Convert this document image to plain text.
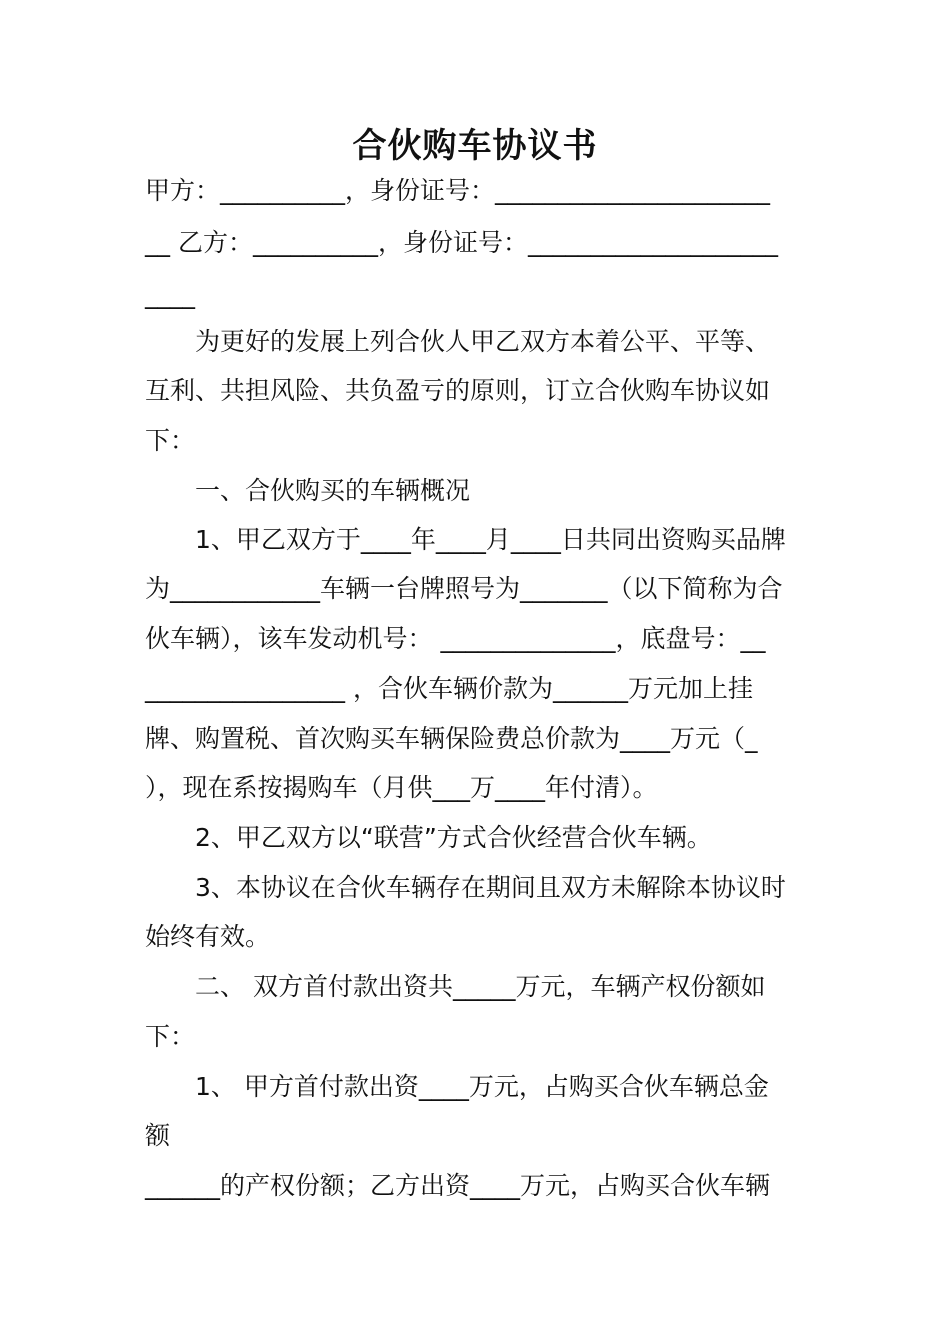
合伙购车协议书
甲方：__________，身份证号：______________________
__ 乙方：__________，身份证号：____________________
____
为更好的发展上列合伙人甲乙双方本着公平、平等、
互利、共担风险、共负盈亏的原则，订立合伙购车协议如
下：
一、合伙购买的车辆概况
1、甲乙双方于____年____月____日共同出资购买品牌
为____________车辆一台牌照号为_______（以下简称为合
伙车辆），该车发动机号： ______________，底盘号：__
________________ ，合伙车辆价款为______万元加上挂
牌、购置税、首次购买车辆保险费总价款为____万元（_
），现在系按揭购车（月供___万____年付清）。
2、甲乙双方以“联营”方式合伙经营合伙车辆。
3、本协议在合伙车辆存在期间且双方未解除本协议时
始终有效。
二、 双方首付款出资共_____万元，车辆产权份额如
下：
1、 甲方首付款出资____万元，占购买合伙车辆总金
额
______的产权份额；乙方出资____万元，占购买合伙车辆
